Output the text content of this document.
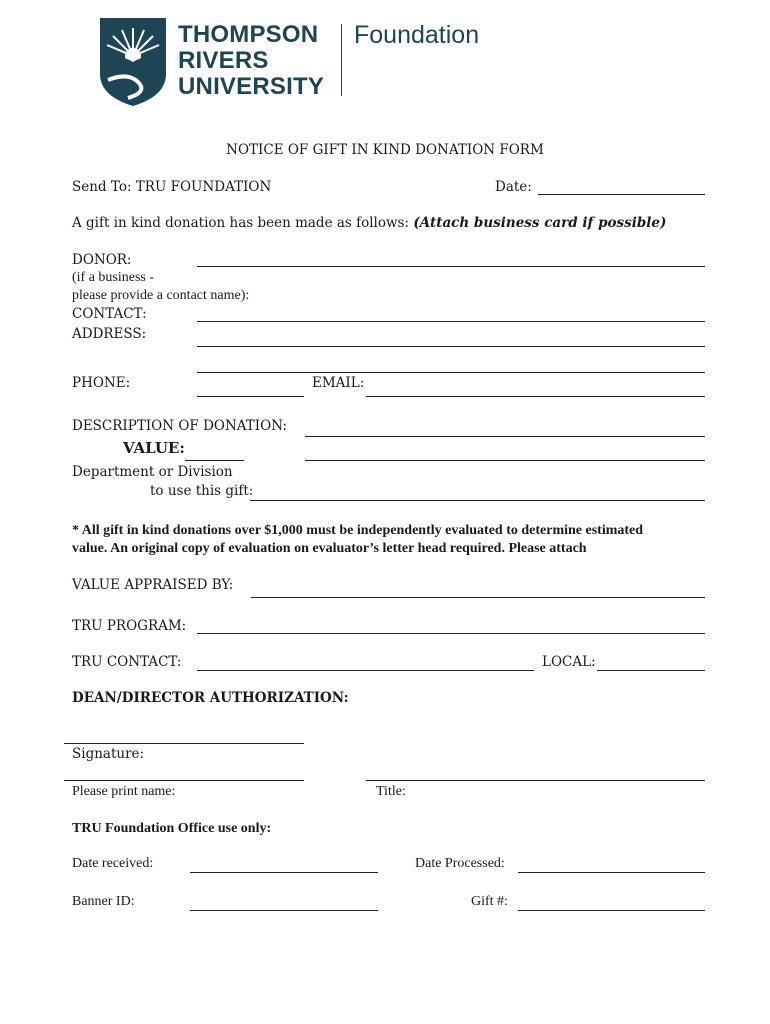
THOMPSON
RIVERS
UNIVERSITY
Foundation
NOTICE OF GIFT IN KIND DONATION FORM
Send To: TRU FOUNDATION	Date:
A gift in kind donation has been made as follows: (Attach business card if possible)
DONOR:
(if a business -
please provide a contact name):
CONTACT:
ADDRESS:
PHONE:	EMAIL:
DESCRIPTION OF DONATION:
VALUE:
Department or Division
to use this gift:
* All gift in kind donations over $1,000 must be independently evaluated to determine estimated
value. An original copy of evaluation on evaluator’s letter head required. Please attach
VALUE APPRAISED BY:
TRU PROGRAM:
TRU CONTACT:	LOCAL:
DEAN/DIRECTOR AUTHORIZATION:
Signature:
Please print name:	Title:
TRU Foundation Office use only:
Date received:	Date Processed:
Banner ID:	Gift #:
